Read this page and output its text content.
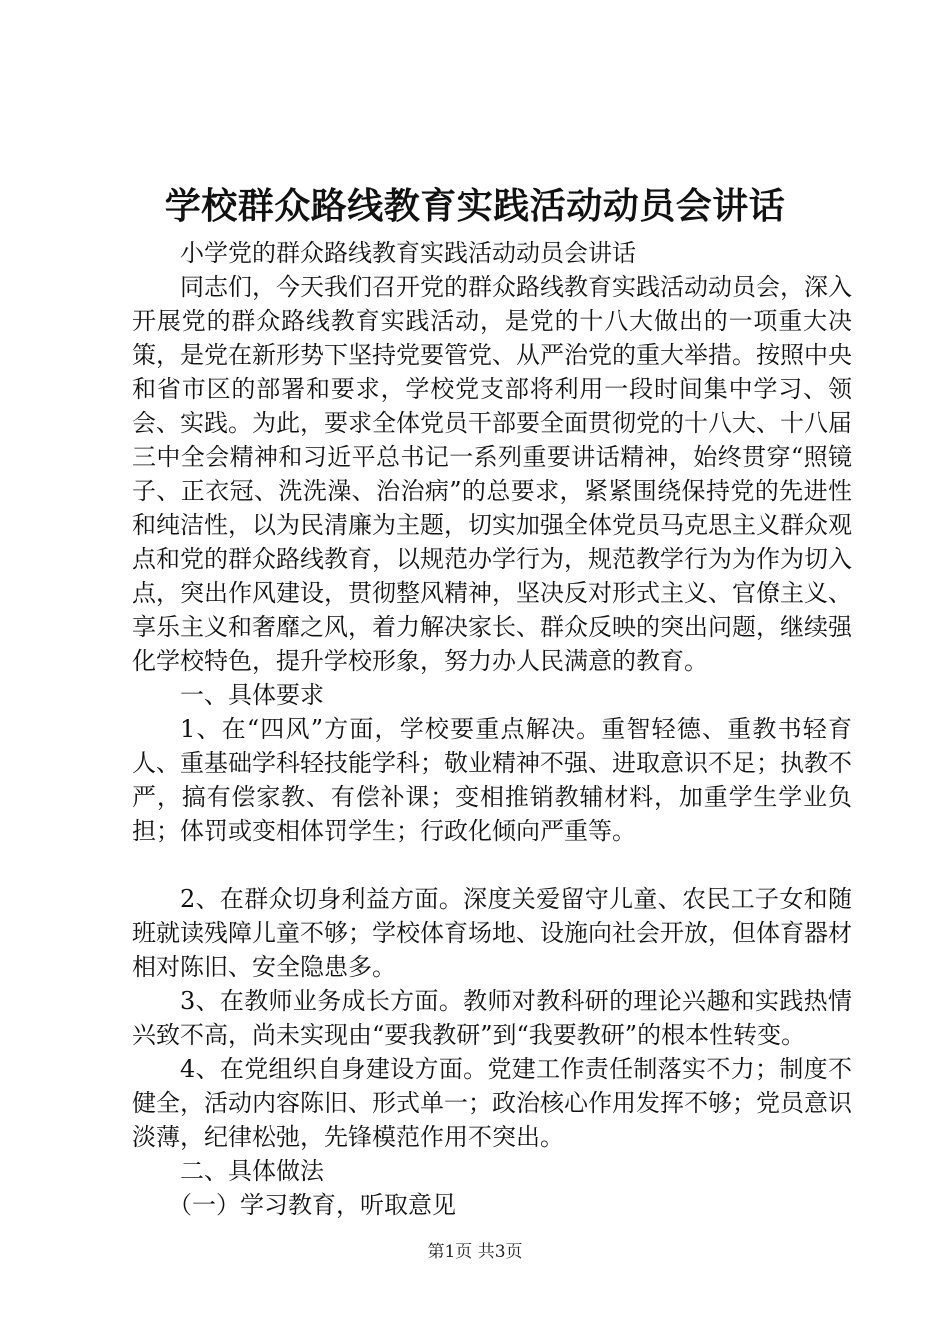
学校群众路线教育实践活动动员会讲话

小学党的群众路线教育实践活动动员会讲话

同志们，今天我们召开党的群众路线教育实践活动动员会，深入开展党的群众路线教育实践活动，是党的十八大做出的一项重大决策，是党在新形势下坚持党要管党、从严治党的重大举措。按照中央和省市区的部署和要求，学校党支部将利用一段时间集中学习、领会、实践。为此，要求全体党员干部要全面贯彻党的十八大、十八届三中全会精神和习近平总书记一系列重要讲话精神，始终贯穿“照镜子、正衣冠、洗洗澡、治治病”的总要求，紧紧围绕保持党的先进性和纯洁性，以为民清廉为主题，切实加强全体党员马克思主义群众观点和党的群众路线教育，以规范办学行为，规范教学行为为作为切入点，突出作风建设，贯彻整风精神，坚决反对形式主义、官僚主义、享乐主义和奢靡之风，着力解决家长、群众反映的突出问题，继续强化学校特色，提升学校形象，努力办人民满意的教育。

一、具体要求

1、在“四风”方面，学校要重点解决。重智轻德、重教书轻育人、重基础学科轻技能学科；敬业精神不强、进取意识不足；执教不严，搞有偿家教、有偿补课；变相推销教辅材料，加重学生学业负担；体罚或变相体罚学生；行政化倾向严重等。

2、在群众切身利益方面。深度关爱留守儿童、农民工子女和随班就读残障儿童不够；学校体育场地、设施向社会开放，但体育器材相对陈旧、安全隐患多。

3、在教师业务成长方面。教师对教科研的理论兴趣和实践热情兴致不高，尚未实现由“要我教研”到“我要教研”的根本性转变。

4、在党组织自身建设方面。党建工作责任制落实不力；制度不健全，活动内容陈旧、形式单一；政治核心作用发挥不够；党员意识淡薄，纪律松弛，先锋模范作用不突出。

二、具体做法

（一）学习教育，听取意见

第1页 共3页
